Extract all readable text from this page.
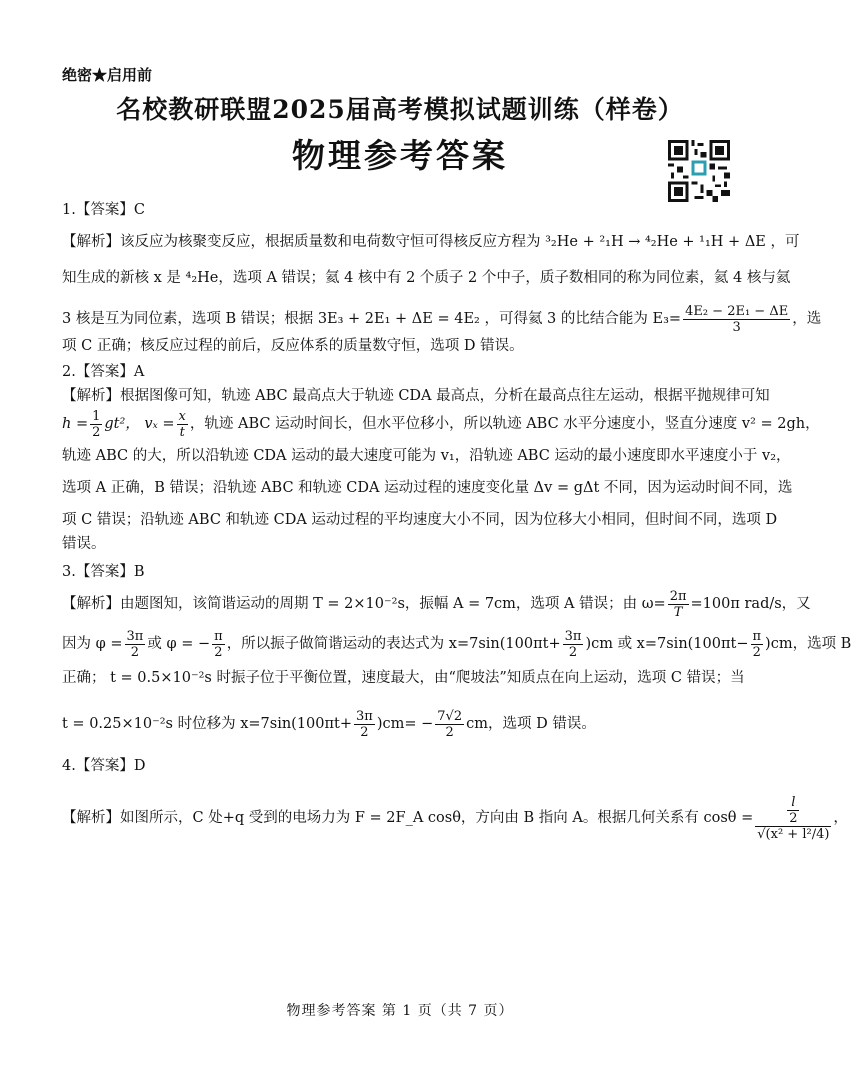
绝密★启用前
名校教研联盟2025届高考模拟试题训练（样卷）
物理参考答案
1.【答案】C
【解析】该反应为核聚变反应，根据质量数和电荷数守恒可得核反应方程为 ³₂He + ²₁H → ⁴₂He + ¹₁H + ΔE ，可
知生成的新核 x 是 ⁴₂He，选项 A 错误；氦 4 核中有 2 个质子 2 个中子，质子数相同的称为同位素，氦 4 核与氦
3 核是互为同位素，选项 B 错误；根据 3E₃ + 2E₁ + ΔE = 4E₂ ，可得氦 3 的比结合能为 $E_3= \frac{\text{4E₂ − 2E₁ − ΔE}}{3}$ ，选
项 C 正确；核反应过程的前后，反应体系的质量数守恒，选项 D 错误。
2.【答案】A
【解析】根据图像可知，轨迹 ABC 最高点大于轨迹 CDA 最高点，分析在最高点往左运动，根据平抛规律可知
$h = \frac{1}{2} gt^2$， $v_x = \frac{x}{t}$ ，轨迹 ABC 运动时间长，但水平位移小，所以轨迹 ABC 水平分速度小，竖直分速度 v² = 2gh，
轨迹 ABC 的大，所以沿轨迹 CDA 运动的最大速度可能为 v₁，沿轨迹 ABC 运动的最小速度即水平速度小于 v₂，
选项 A 正确，B 错误；沿轨迹 ABC 和轨迹 CDA 运动过程的速度变化量 Δv = gΔt 不同，因为运动时间不同，选
项 C 错误；沿轨迹 ABC 和轨迹 CDA 运动过程的平均速度大小不同，因为位移大小相同，但时间不同，选项 D
错误。
3.【答案】B
【解析】由题图知，该简谐运动的周期 T = 2×10⁻²s，振幅 A = 7cm，选项 A 错误；由 $\omega= \frac{2\pi}{T} =100\pi$ rad/s，又
因为 $\varphi = \frac{3\pi}{2}$ 或 φ = − $\frac{\pi}{2}$ ，所以振子做简谐运动的表达式为 $x=7\sin(100\pi t+ \frac{3\pi}{2} )cm$ 或 $x=7\sin(100\pi t- \frac{\pi}{2} )cm$，选项 B
正确； t = 0.5×10⁻²s 时振子位于平衡位置，速度最大，由“爬坡法”知质点在向上运动，选项 C 错误；当
t = 0.25×10⁻²s 时位移为 $x=7\sin(100\pi t+ \frac{3\pi}{2} )cm= - \frac{7√2}{2}$ cm，选项 D 错误。
4.【答案】D
【解析】如图所示，C 处+q 受到的电场力为 F = 2F_A cosθ，方向由 B 指向 A。根据几何关系有 $\cos\theta = \frac{\frac{l}{2}}{\text{√(x² + l²/4)}}$ ，
物理参考答案 第 1 页（共 7 页）
